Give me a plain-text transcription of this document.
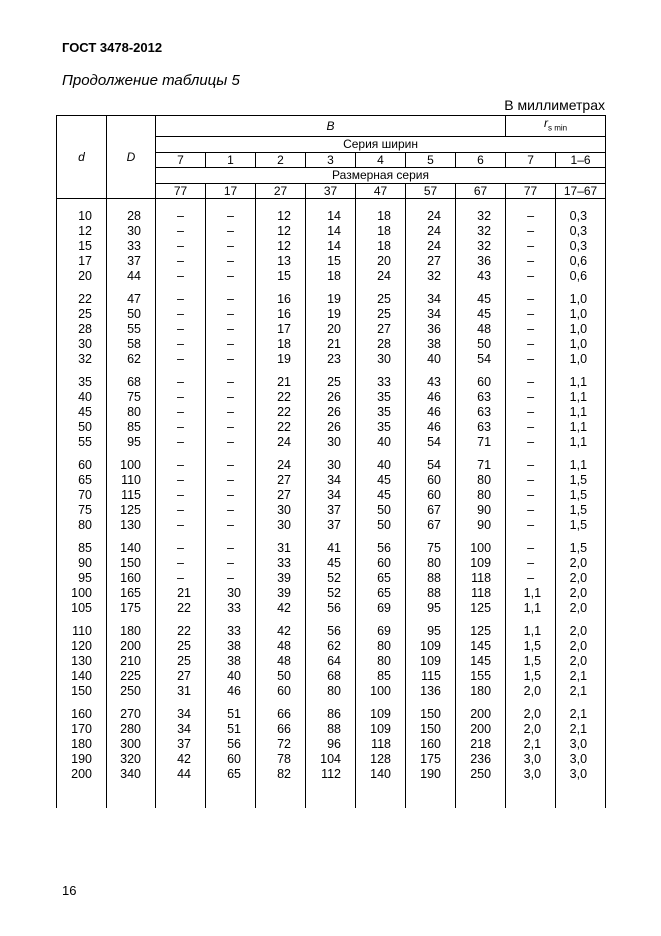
ГОСТ 3478-2012
Продолжение таблицы 5
В миллиметрах
d	D	B							$r_{s min}$
		Серия ширин								
		7	1	2	3	4	5	6	7	1–6
		Размерная серия								
		77	17	27	37	47	57	67	77	17–67

10	28	–	–	12	14	18	24	32	–	0,3
12	30	–	–	12	14	18	24	32	–	0,3
15	33	–	–	12	14	18	24	32	–	0,3
17	37	–	–	13	15	20	27	36	–	0,6
20	44	–	–	15	18	24	32	43	–	0,6

22	47	–	–	16	19	25	34	45	–	1,0
25	50	–	–	16	19	25	34	45	–	1,0
28	55	–	–	17	20	27	36	48	–	1,0
30	58	–	–	18	21	28	38	50	–	1,0
32	62	–	–	19	23	30	40	54	–	1,0

35	68	–	–	21	25	33	43	60	–	1,1
40	75	–	–	22	26	35	46	63	–	1,1
45	80	–	–	22	26	35	46	63	–	1,1
50	85	–	–	22	26	35	46	63	–	1,1
55	95	–	–	24	30	40	54	71	–	1,1

60	100	–	–	24	30	40	54	71	–	1,1
65	110	–	–	27	34	45	60	80	–	1,5
70	115	–	–	27	34	45	60	80	–	1,5
75	125	–	–	30	37	50	67	90	–	1,5
80	130	–	–	30	37	50	67	90	–	1,5

85	140	–	–	31	41	56	75	100	–	1,5
90	150	–	–	33	45	60	80	109	–	2,0
95	160	–	–	39	52	65	88	118	–	2,0
100	165	21	30	39	52	65	88	118	1,1	2,0
105	175	22	33	42	56	69	95	125	1,1	2,0

110	180	22	33	42	56	69	95	125	1,1	2,0
120	200	25	38	48	62	80	109	145	1,5	2,0
130	210	25	38	48	64	80	109	145	1,5	2,0
140	225	27	40	50	68	85	115	155	1,5	2,1
150	250	31	46	60	80	100	136	180	2,0	2,1

160	270	34	51	66	86	109	150	200	2,0	2,1
170	280	34	51	66	88	109	150	200	2,0	2,1
180	300	37	56	72	96	118	160	218	2,1	3,0
190	320	42	60	78	104	128	175	236	3,0	3,0
200	340	44	65	82	112	140	190	250	3,0	3,0

16
